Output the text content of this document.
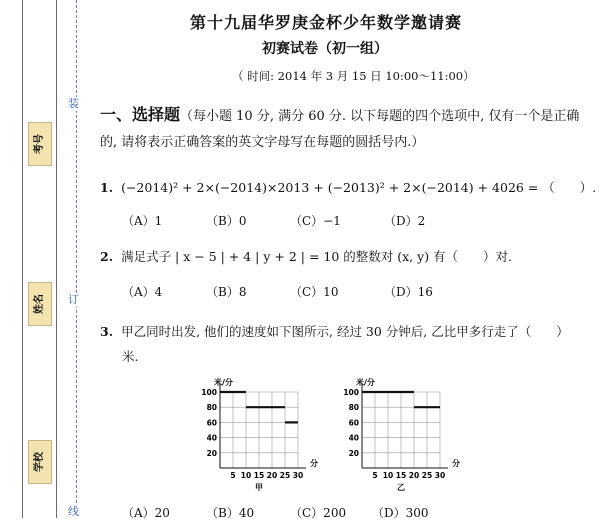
考号
姓名
学校
装
订
线
第十九届华罗庚金杯少年数学邀请赛
初赛试卷（初一组）
（ 时间: 2014 年 3 月 15 日 10:00～11:00）
一、选择题（每小题 10 分, 满分 60 分. 以下每题的四个选项中, 仅有一个是正确的, 请将表示正确答案的英文字母写在每题的圆括号内.）
1. (−2014)² + 2×(−2014)×2013 + (−2013)² + 2×(−2014) + 4026 = （　　）.
（A）1	（B）0	（C）−1	（D）2
2. 满足式子 | x − 5 | + 4 | y + 2 | = 10 的整数对 (x, y) 有（　　）对.
（A）4	（B）8	（C）10	（D）16
3. 甲乙同时出发, 他们的速度如下图所示, 经过 30 分钟后, 乙比甲多行走了（　　）
米.
20
40
60
80
100
5 10 15 20 25 30
米/分
分
甲
20
40
60
80
100
5 10 15 20 25 30
米/分
分
乙
（A）20	（B）40	（C）200 （D）300
